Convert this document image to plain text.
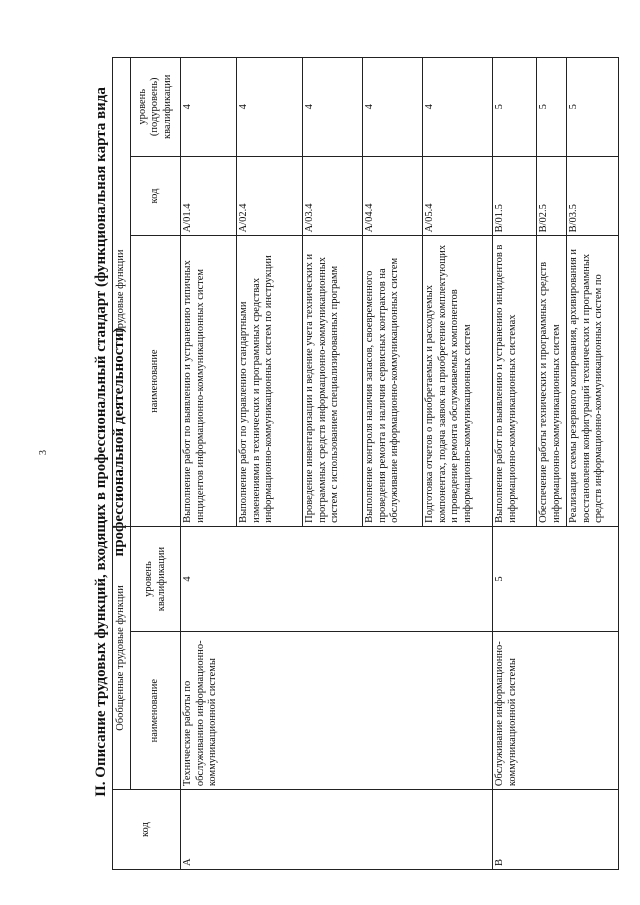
3	II. Описание трудовых функций, входящих в профессиональный стандарт (функциональная карта вида профессиональной деятельности)
код	Обобщенные трудовые функции		Трудовые функции		
	наименование	уровень квалификации	наименование	код	уровень (подуровень) квалификации
A	Технические работы по обслуживанию информационно-коммуникационной системы	4	Выполнение работ по выявлению и устранению типичных инцидентов информационно-коммуникационных систем	A/01.4	4
			Выполнение работ по управлению стандартными изменениями в технических и программных средствах информационно-коммуникационных систем по инструкции	A/02.4	4
			Проведение инвентаризации и ведение учета технических и программных средств информационно-коммуникационных систем с использованием специализированных программ	A/03.4	4
			Выполнение контроля наличия запасов, своевременного проведения ремонта и наличия сервисных контрактов на обслуживание информационно-коммуникационных систем	A/04.4	4
			Подготовка отчетов о приобретаемых и расходуемых компонентах, подача заявок на приобретение комплектующих и проведение ремонта обслуживаемых компонентов информационно-коммуникационных систем	A/05.4	4
B	Обслуживание информационно-коммуникационной системы	5	Выполнение работ по выявлению и устранению инцидентов в информационно-коммуникационных системах	B/01.5	5
			Обеспечение работы технических и программных средств информационно-коммуникационных систем	B/02.5	5
			Реализация схемы резервного копирования, архивирования и восстановления конфигураций технических и программных средств информационно-коммуникационных систем по	B/03.5	5
